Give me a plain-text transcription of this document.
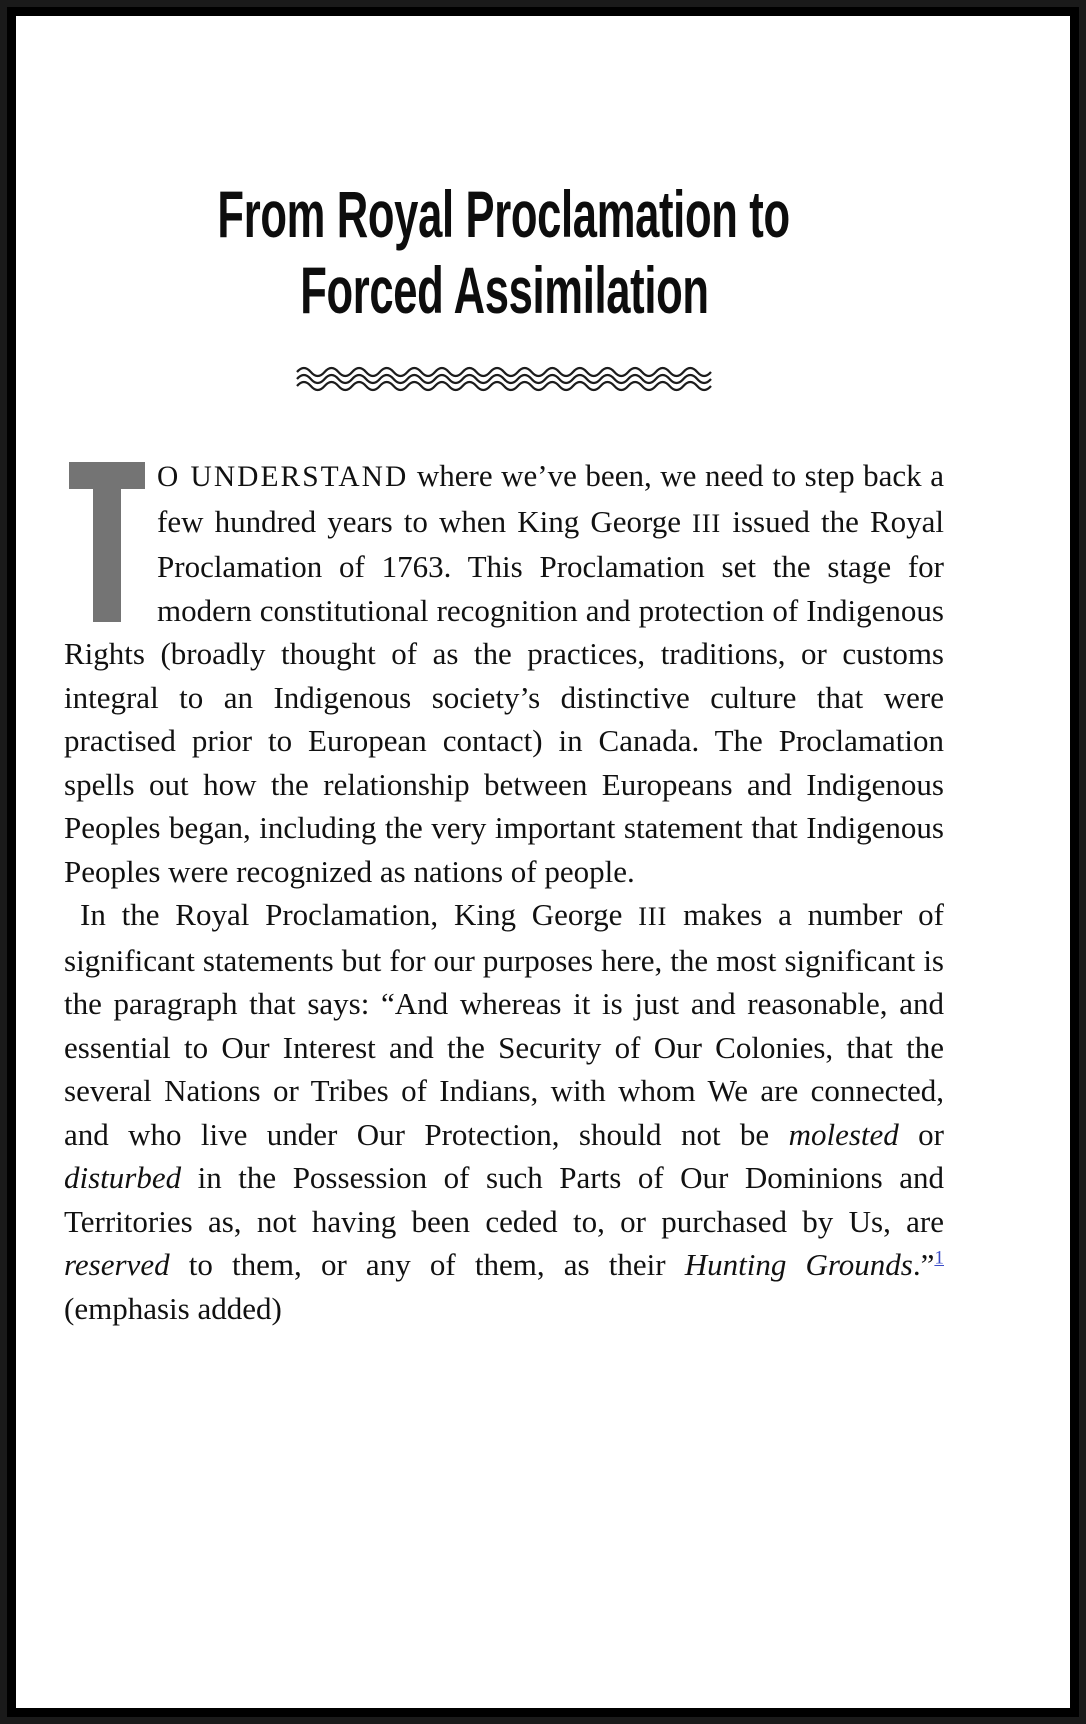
From Royal Proclamation to
Forced Assimilation

O UNDERSTAND where we’ve been, we need to step back a few hundred years to when King George III issued the Royal Proclamation of 1763. This Proclamation set the stage for modern constitutional recognition and protection of Indigenous Rights (broadly thought of as the practices, traditions, or customs integral to an Indigenous society’s distinctive culture that were practised prior to European contact) in Canada. The Proclamation spells out how the relationship between Europeans and Indigenous Peoples began, including the very important statement that Indigenous Peoples were recognized as nations of people.

In the Royal Proclamation, King George III makes a number of significant statements but for our purposes here, the most significant is the paragraph that says: “And whereas it is just and reasonable, and essential to Our Interest and the Security of Our Colonies, that the several Nations or Tribes of Indians, with whom We are connected, and who live under Our Protection, should not be molested or disturbed in the Possession of such Parts of Our Dominions and Territories as, not having been ceded to, or purchased by Us, are reserved to them, or any of them, as their Hunting Grounds.”$^1$ (emphasis added)
